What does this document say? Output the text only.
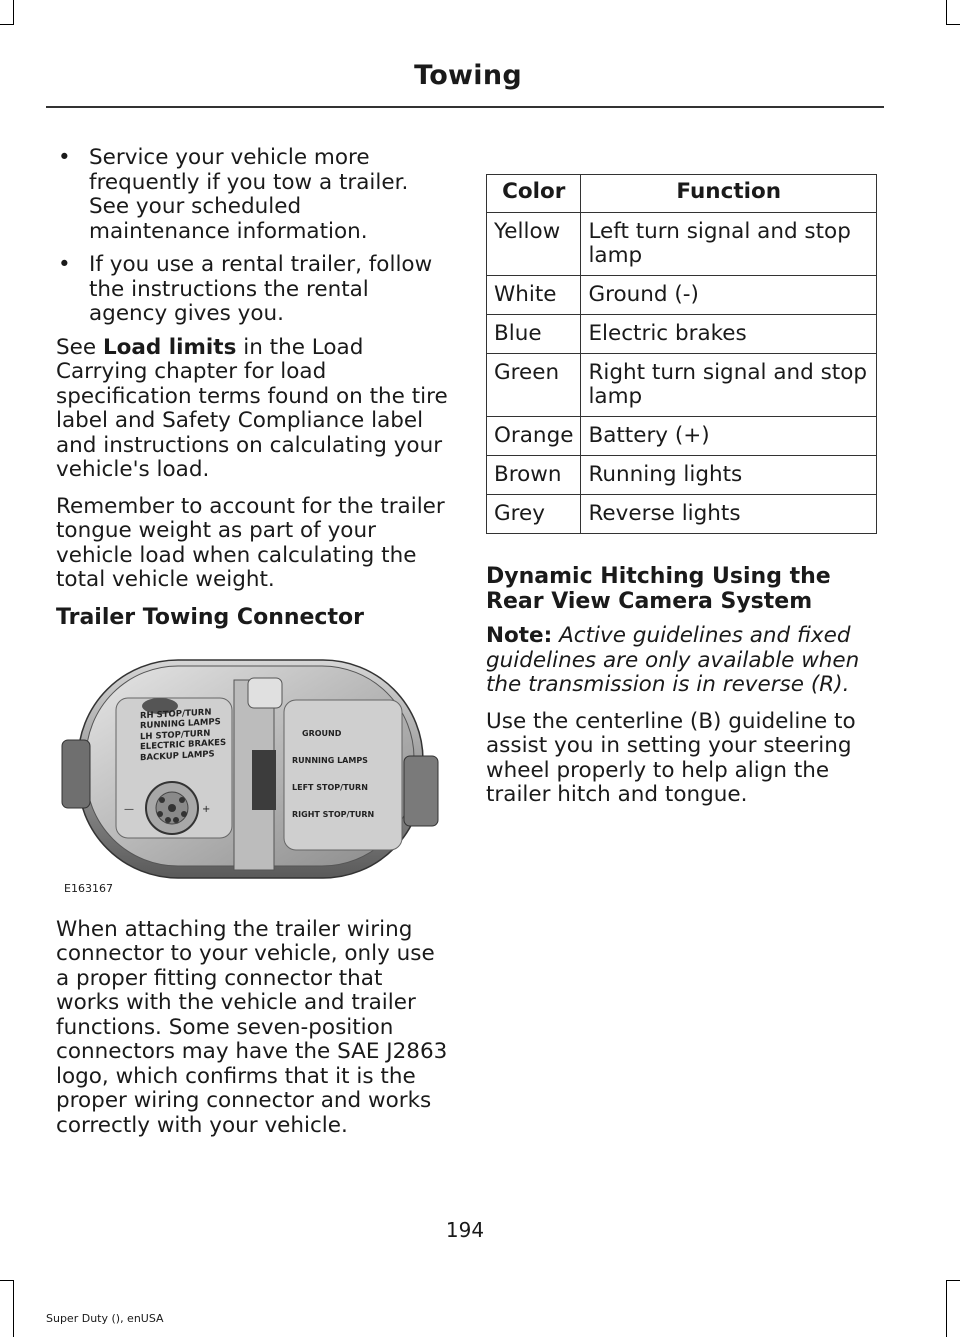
Towing
• Service your vehicle more frequently if you tow a trailer. See your scheduled maintenance information.
• If you use a rental trailer, follow the instructions the rental agency gives you.

See Load limits in the Load Carrying chapter for load specification terms found on the tire label and Safety Compliance label and instructions on calculating your vehicle's load.

Remember to account for the trailer tongue weight as part of your vehicle load when calculating the total vehicle weight.

Trailer Towing Connector
+
—
RH STOP/TURN
RUNNING LAMPS
LH STOP/TURN
ELECTRIC BRAKES
BACKUP LAMPS
GROUND
RUNNING LAMPS
LEFT STOP/TURN
RIGHT STOP/TURN
E163167

When attaching the trailer wiring connector to your vehicle, only use a proper fitting connector that works with the vehicle and trailer functions. Some seven-position connectors may have the SAE J2863 logo, which confirms that it is the proper wiring connector and works correctly with your vehicle.

Color	Function
Yellow	Left turn signal and stop lamp
White	Ground (-)
Blue	Electric brakes
Green	Right turn signal and stop lamp
Orange	Battery (+)
Brown	Running lights
Grey	Reverse lights
Dynamic Hitching Using the Rear View Camera System

Note: Active guidelines and fixed guidelines are only available when the transmission is in reverse (R).

Use the centerline (B) guideline to assist you in setting your steering wheel properly to help align the trailer hitch and tongue.

194
Super Duty (), enUSA
